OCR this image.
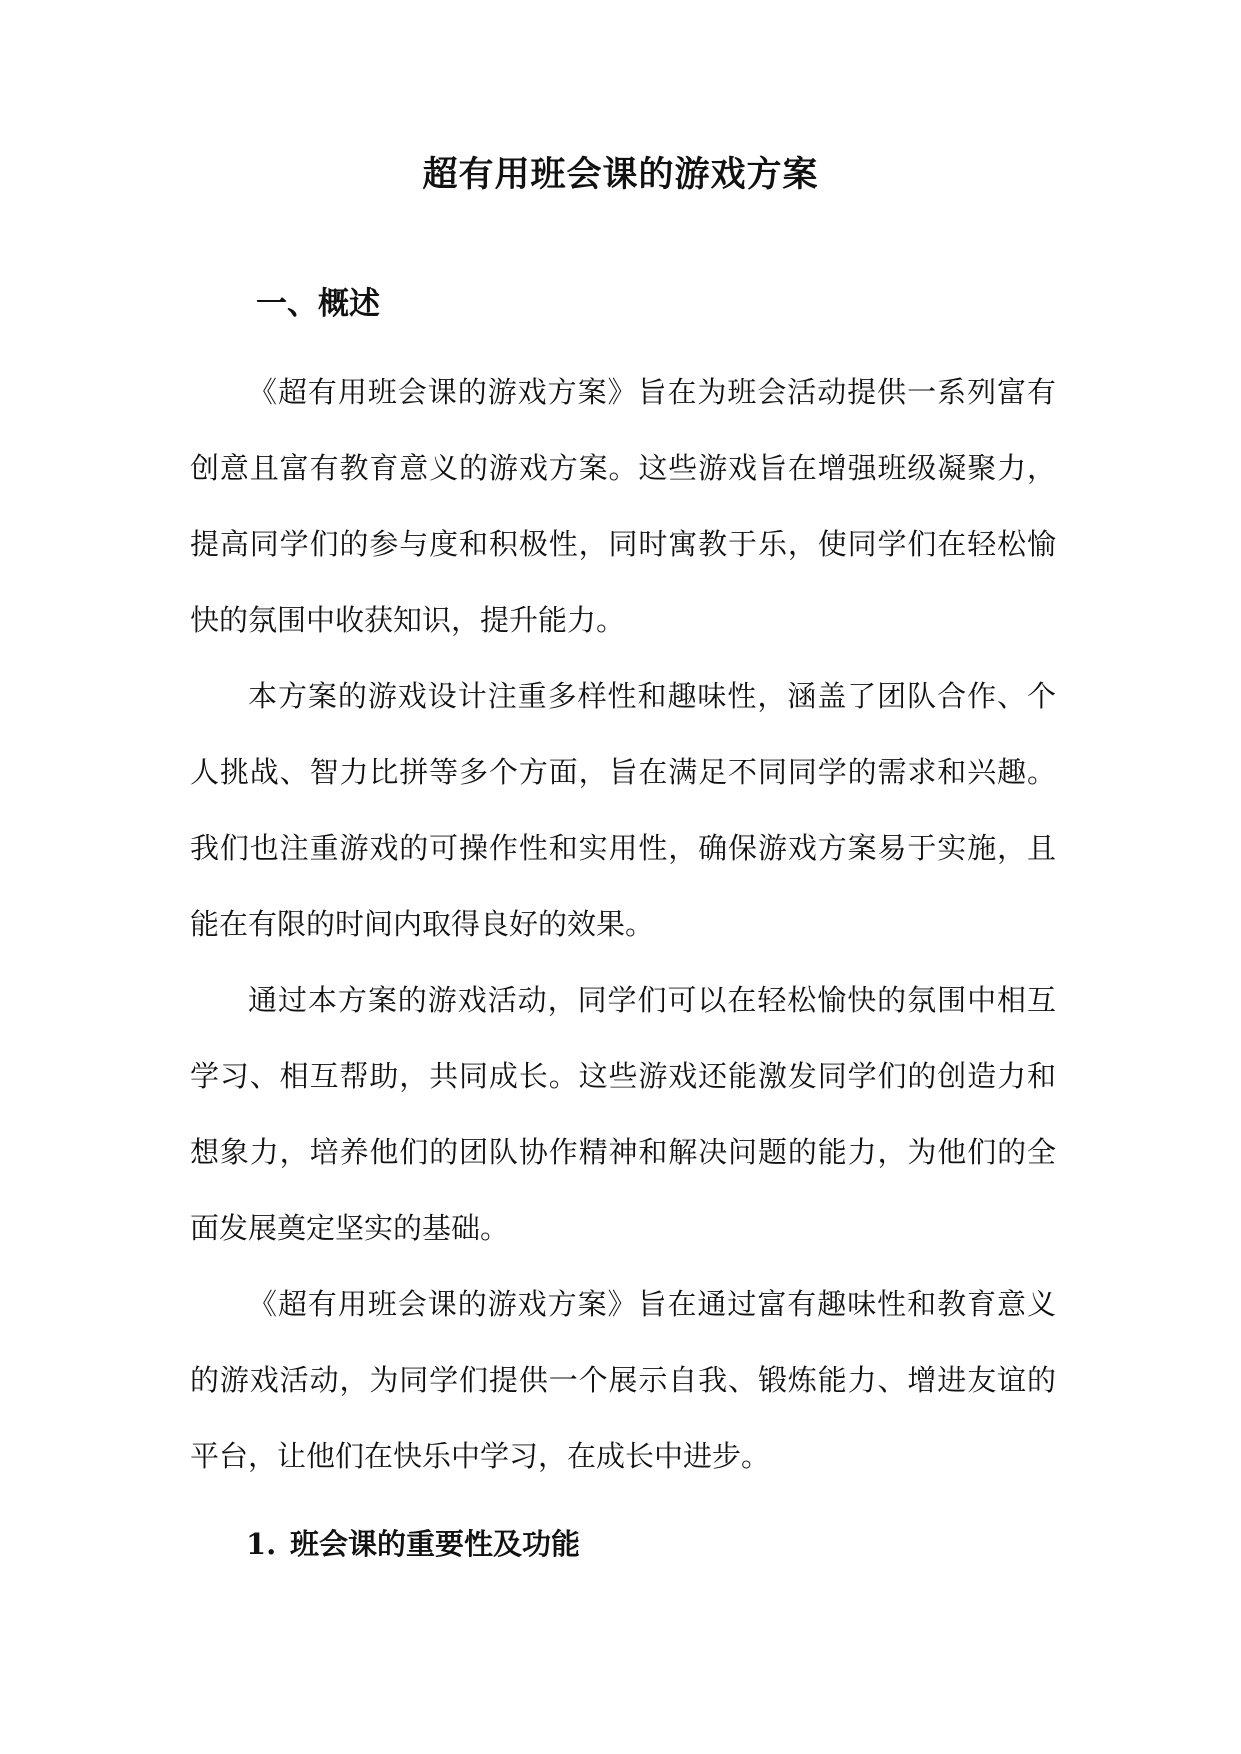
超有用班会课的游戏方案
一、概述

《超有用班会课的游戏方案》旨在为班会活动提供一系列富有创意且富有教育意义的游戏方案。这些游戏旨在增强班级凝聚力，提高同学们的参与度和积极性，同时寓教于乐，使同学们在轻松愉快的氛围中收获知识，提升能力。

本方案的游戏设计注重多样性和趣味性，涵盖了团队合作、个人挑战、智力比拼等多个方面，旨在满足不同同学的需求和兴趣。我们也注重游戏的可操作性和实用性，确保游戏方案易于实施，且能在有限的时间内取得良好的效果。

通过本方案的游戏活动，同学们可以在轻松愉快的氛围中相互学习、相互帮助，共同成长。这些游戏还能激发同学们的创造力和想象力，培养他们的团队协作精神和解决问题的能力，为他们的全面发展奠定坚实的基础。

《超有用班会课的游戏方案》旨在通过富有趣味性和教育意义的游戏活动，为同学们提供一个展示自我、锻炼能力、增进友谊的平台，让他们在快乐中学习，在成长中进步。

1. 班会课的重要性及功能
